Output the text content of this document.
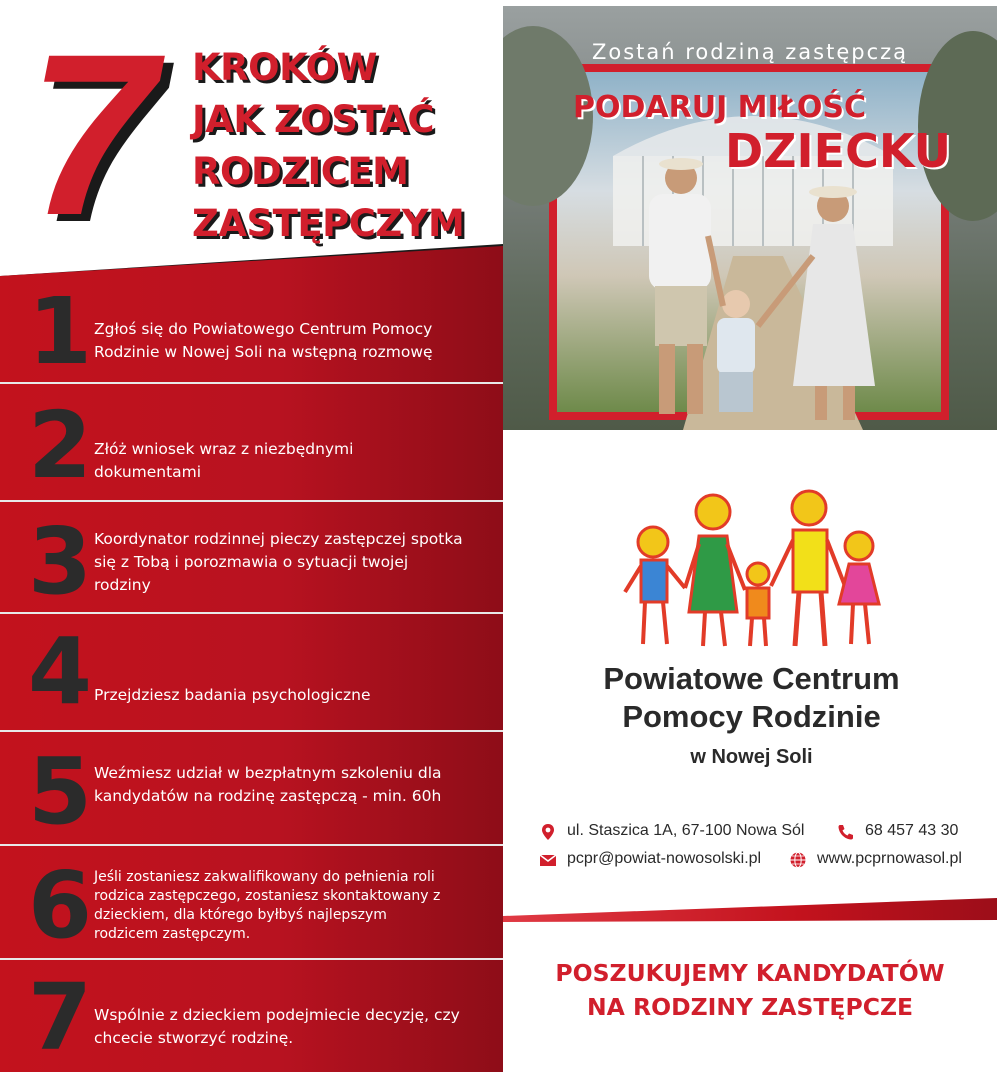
7 KROKÓW
JAK ZOSTAĆ
RODZICEM
ZASTĘPCZYM
1 Zgłoś się do Powiatowego Centrum Pomocy Rodzinie w Nowej Soli na wstępną rozmowę
2 Złóż wniosek wraz z niezbędnymi dokumentami
3 Koordynator rodzinnej pieczy zastępczej spotka się z Tobą i porozmawia o sytuacji twojej rodziny
4 Przejdziesz badania psychologiczne
5 Weźmiesz udział w bezpłatnym szkoleniu dla kandydatów na rodzinę zastępczą - min. 60h
6 Jeśli zostaniesz zakwalifikowany do pełnienia roli rodzica zastępczego, zostaniesz skontaktowany z dzieckiem, dla którego byłbyś najlepszym rodzicem zastępczym.
7 Wspólnie z dzieckiem podejmiecie decyzję, czy chcecie stworzyć rodzinę.
Zostań rodziną zastępczą
PODARUJ MIŁOŚĆ
DZIECKU
Powiatowe Centrum
Pomocy Rodzinie
w Nowej Soli
ul. Staszica 1A, 67-100 Nowa Sól	68 457 43 30
pcpr@powiat-nowosolski.pl	www.pcprnowasol.pl
POSZUKUJEMY KANDYDATÓW
NA RODZINY ZASTĘPCZE
